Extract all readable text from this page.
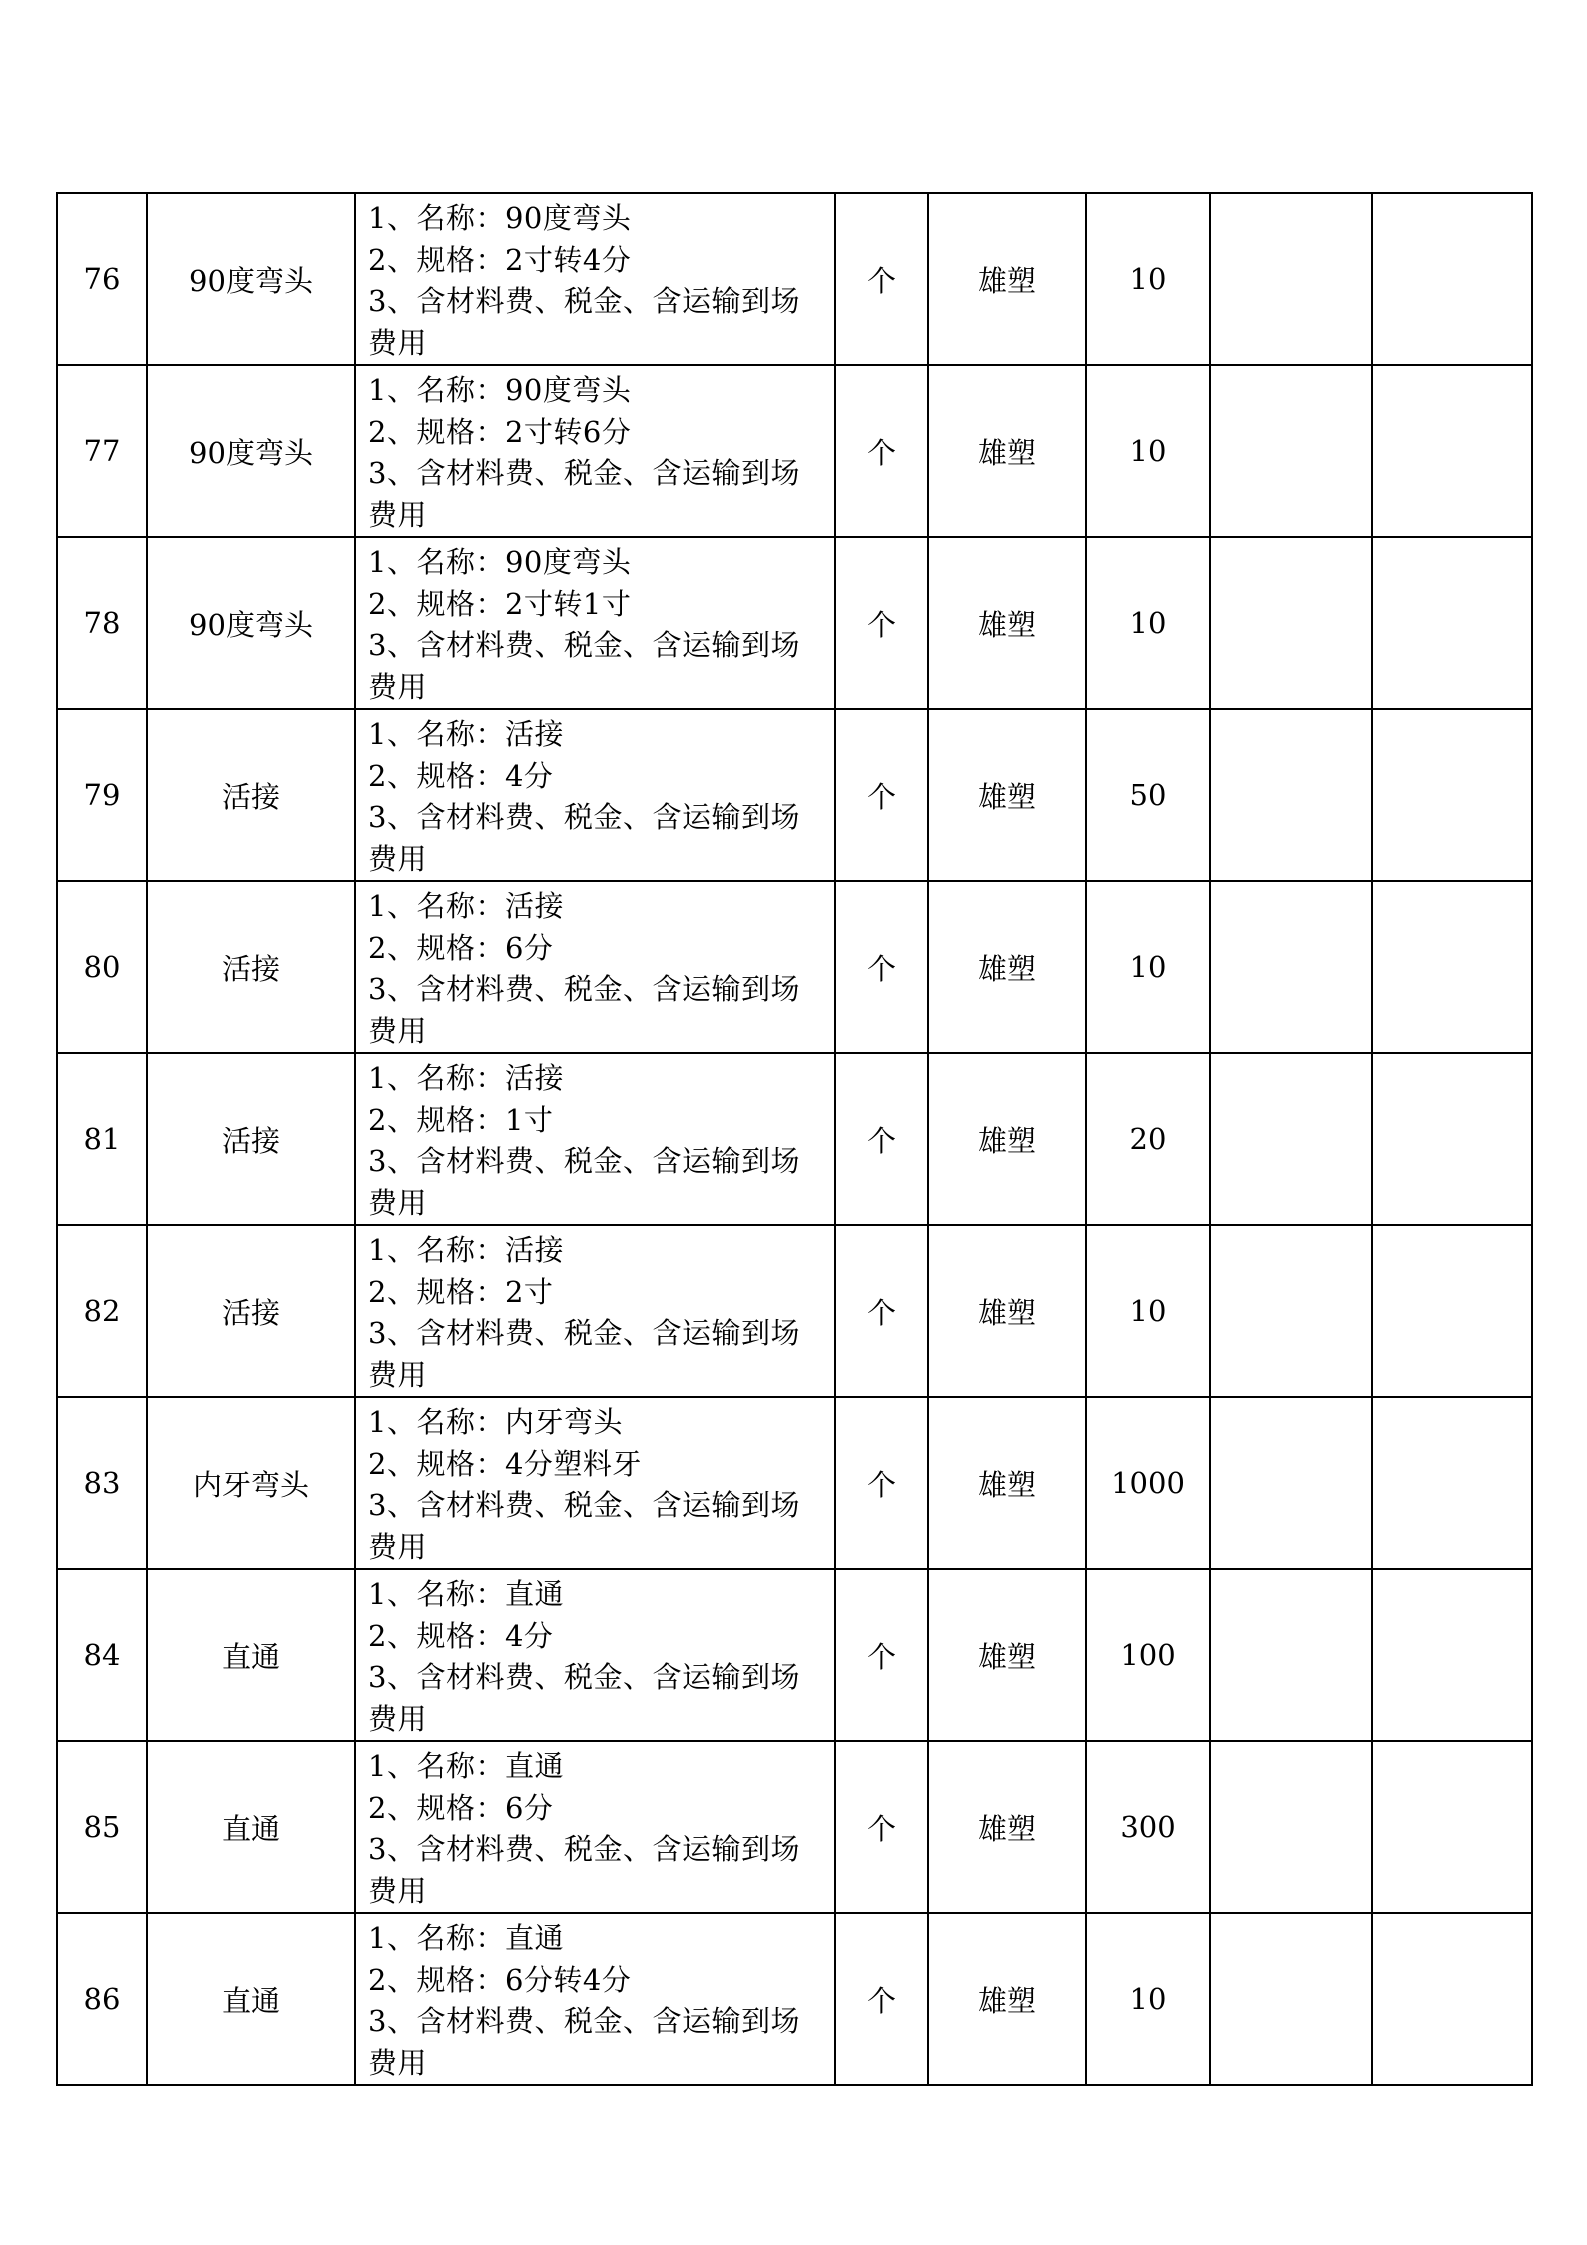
76	90度弯头	1、名称：90度弯头
2、规格：2寸转4分
3、含材料费、税金、含运输到场费用	个	雄塑	10		
77	90度弯头	1、名称：90度弯头
2、规格：2寸转6分
3、含材料费、税金、含运输到场费用	个	雄塑	10		
78	90度弯头	1、名称：90度弯头
2、规格：2寸转1寸
3、含材料费、税金、含运输到场费用	个	雄塑	10		
79	活接	1、名称：活接
2、规格：4分
3、含材料费、税金、含运输到场费用	个	雄塑	50		
80	活接	1、名称：活接
2、规格：6分
3、含材料费、税金、含运输到场费用	个	雄塑	10		
81	活接	1、名称：活接
2、规格：1寸
3、含材料费、税金、含运输到场费用	个	雄塑	20		
82	活接	1、名称：活接
2、规格：2寸
3、含材料费、税金、含运输到场费用	个	雄塑	10		
83	内牙弯头	1、名称：内牙弯头
2、规格：4分塑料牙
3、含材料费、税金、含运输到场费用	个	雄塑	1000		
84	直通	1、名称：直通
2、规格：4分
3、含材料费、税金、含运输到场费用	个	雄塑	100		
85	直通	1、名称：直通
2、规格：6分
3、含材料费、税金、含运输到场费用	个	雄塑	300		
86	直通	1、名称：直通
2、规格：6分转4分
3、含材料费、税金、含运输到场费用	个	雄塑	10		
